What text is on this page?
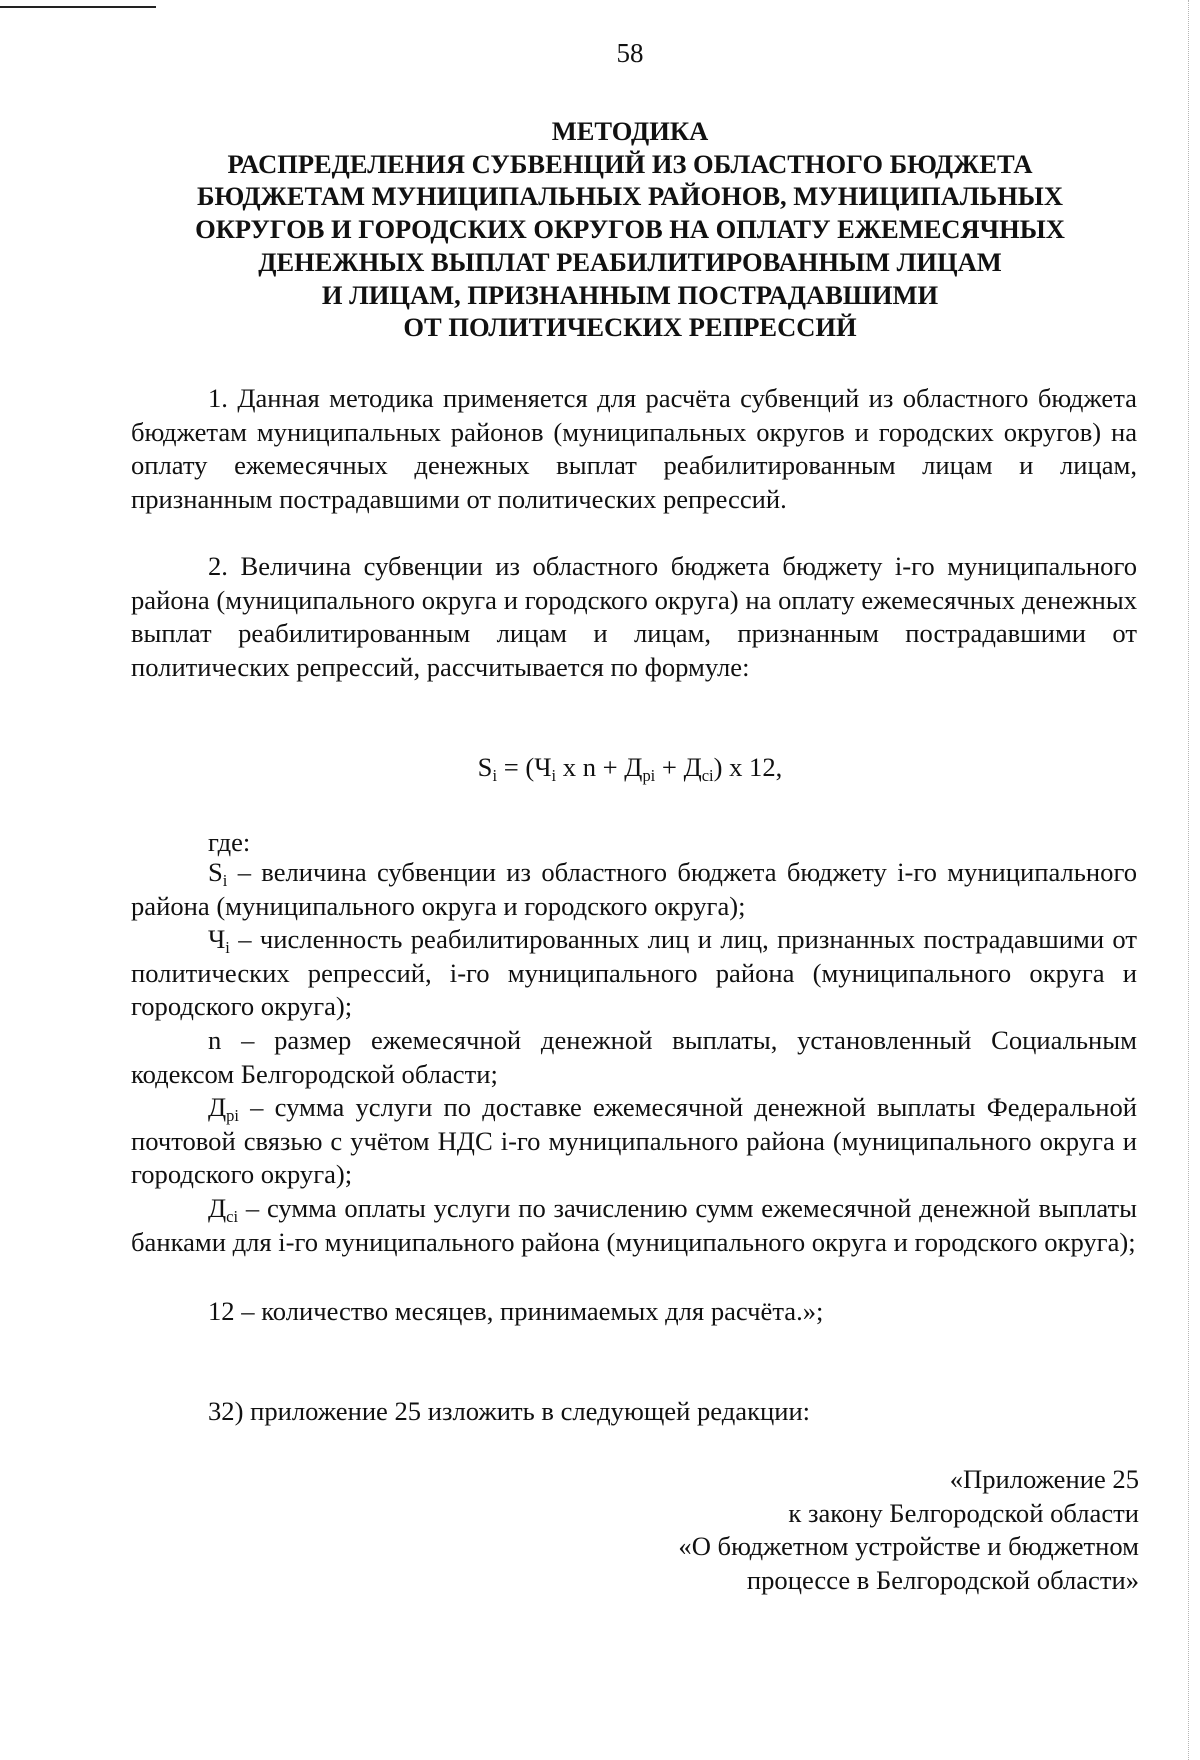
58
МЕТОДИКА
РАСПРЕДЕЛЕНИЯ СУБВЕНЦИЙ ИЗ ОБЛАСТНОГО БЮДЖЕТА
БЮДЖЕТАМ МУНИЦИПАЛЬНЫХ РАЙОНОВ, МУНИЦИПАЛЬНЫХ
ОКРУГОВ И ГОРОДСКИХ ОКРУГОВ НА ОПЛАТУ ЕЖЕМЕСЯЧНЫХ
ДЕНЕЖНЫХ ВЫПЛАТ РЕАБИЛИТИРОВАННЫМ ЛИЦАМ
И ЛИЦАМ, ПРИЗНАННЫМ ПОСТРАДАВШИМИ
ОТ ПОЛИТИЧЕСКИХ РЕПРЕССИЙ
1. Данная методика применяется для расчёта субвенций из областного бюджета бюджетам муниципальных районов (муниципальных округов и городских округов) на оплату ежемесячных денежных выплат реабилитированным лицам и лицам, признанным пострадавшими от политических репрессий.
2. Величина субвенции из областного бюджета бюджету i-го муниципального района (муниципального округа и городского округа) на оплату ежемесячных денежных выплат реабилитированным лицам и лицам, признанным пострадавшими от политических репрессий, рассчитывается по формуле:
$S_i = (Ч_i$ x $n + Д_{pi} + Д_{ci}$) x 12,
где:
$S_i$ – величина субвенции из областного бюджета бюджету i-го муниципального района (муниципального округа и городского округа);
$Ч_i$ – численность реабилитированных лиц и лиц, признанных пострадавшими от политических репрессий, i-го муниципального района (муниципального округа и городского округа);
n – размер ежемесячной денежной выплаты, установленный Социальным кодексом Белгородской области;
$Д_{pi}$ – сумма услуги по доставке ежемесячной денежной выплаты Федеральной почтовой связью с учётом НДС i-го муниципального района (муниципального округа и городского округа);
$Д_{ci}$ – сумма оплаты услуги по зачислению сумм ежемесячной денежной выплаты банками для i-го муниципального района (муниципального округа и городского округа);
12 – количество месяцев, принимаемых для расчёта.»;
32) приложение 25 изложить в следующей редакции:
«Приложение 25
к закону Белгородской области
«О бюджетном устройстве и бюджетном
процессе в Белгородской области»
